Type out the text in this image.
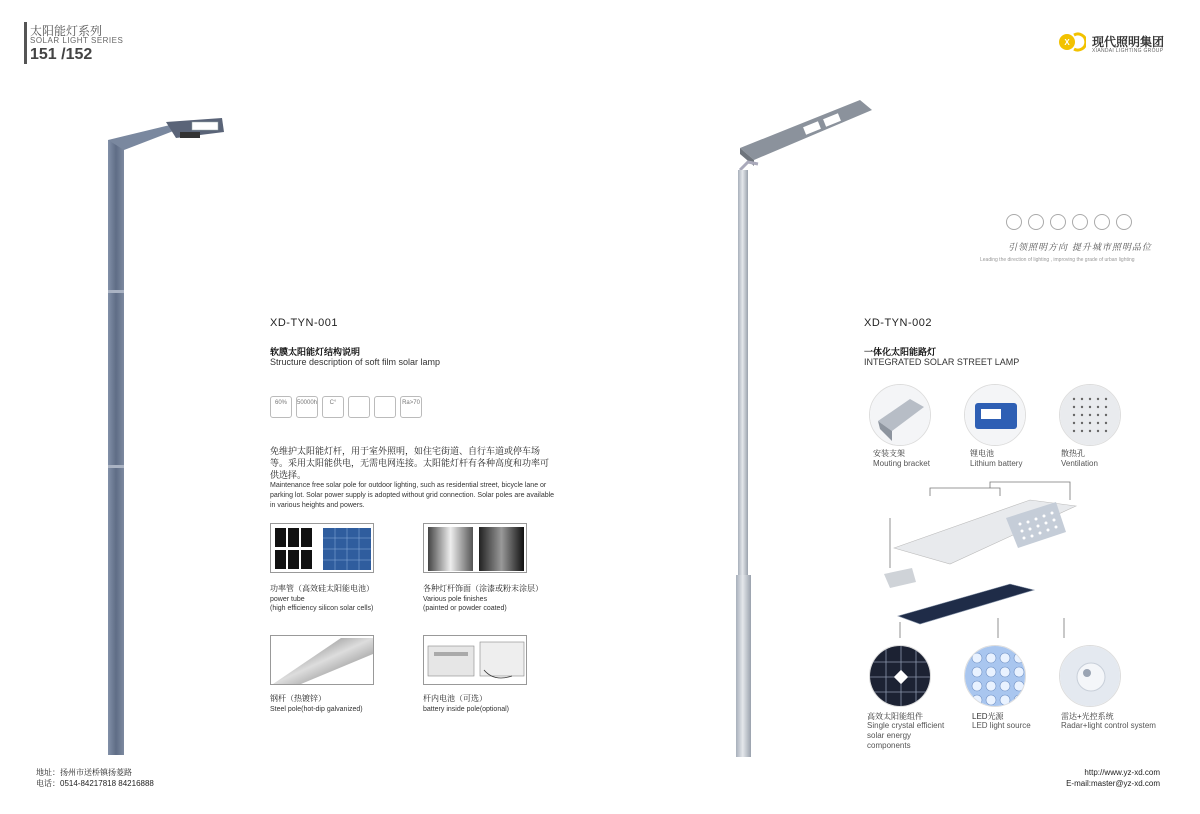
太阳能灯系列
SOLAR LIGHT SERIES
151 /152
X 现代照明集团
XIANDAI LIGHTING GROUP
引领照明方向 提升城市照明品位
Leading the direction of lighting , improving the grade of urban lighting
XD-TYN-001
软膜太阳能灯结构说明
Structure description of soft film solar lamp
60%	50000h	C°	Ra>70
免维护太阳能灯杆，用于室外照明，如住宅街道、自行车道或停车场等。采用太阳能供电，无需电网连接。太阳能灯杆有各种高度和功率可供选择。
Maintenance free solar pole for outdoor lighting, such as residential street, bicycle lane or parking lot. Solar power supply is adopted without grid connection. Solar poles are available in various heights and powers.
功率管（高效硅太阳能电池）
power tube
(high efficiency silicon solar cells)
各种灯杆饰面（涂漆或粉末涂层）
Various pole finishes
(painted or powder coated)
钢杆（热镀锌）
Steel pole(hot-dip galvanized)
杆内电池（可选）
battery inside pole(optional)
XD-TYN-002
一体化太阳能路灯
INTEGRATED SOLAR STREET LAMP
安装支架
Mouting bracket
锂电池
Lithium battery
散热孔
Ventilation
高效太阳能组件
Single crystal efficient
solar energy
components
LED光源
LED light source
雷达+光控系统
Radar+light control system
地址：扬州市送桥镇扬菱路
电话：0514-84217818 84216888
http://www.yz-xd.com
E-mail:master@yz-xd.com
